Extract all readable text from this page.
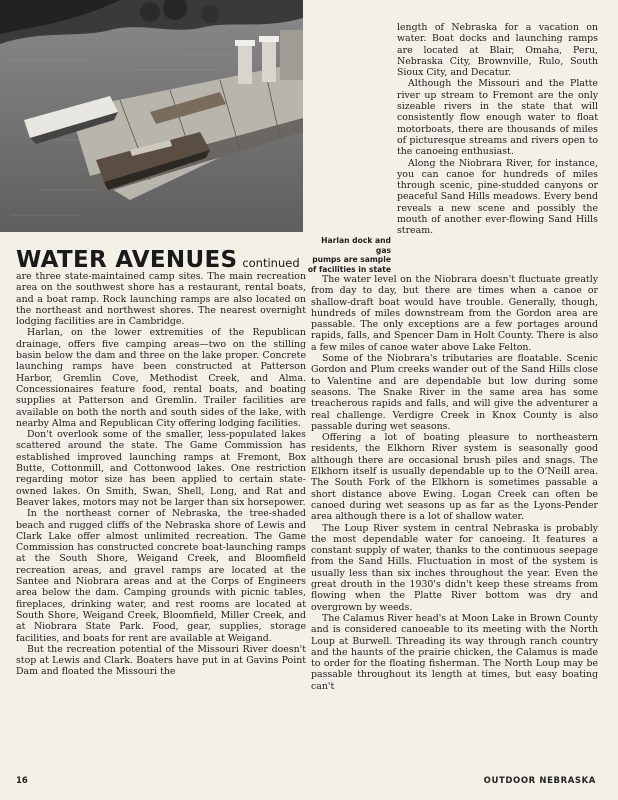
Harlan dock and gas
pumps are sample
of facilities in state
WATER AVENUES continued

are three state-maintained camp sites. The main recreation area on the southwest shore has a restaurant, rental boats, and a boat ramp. Rock launching ramps are also located on the northeast and northwest shores. The nearest overnight lodging facilities are in Cambridge.

Harlan, on the lower extremities of the Republican drainage, offers five camping areas—two on the stilling basin below the dam and three on the lake proper. Concrete launching ramps have been constructed at Patterson Harbor, Gremlin Cove, Methodist Creek, and Alma. Concessionaires feature food, rental boats, and boating supplies at Patterson and Gremlin. Trailer facilities are available on both the north and south sides of the lake, with nearby Alma and Republican City offering lodging facilities.

Don't overlook some of the smaller, less-populated lakes scattered around the state. The Game Commission has established improved launching ramps at Fremont, Box Butte, Cottonmill, and Cottonwood lakes. One restriction regarding motor size has been applied to certain state-owned lakes. On Smith, Swan, Shell, Long, and Rat and Beaver lakes, motors may not be larger than six horsepower.

In the northeast corner of Nebraska, the tree-shaded beach and rugged cliffs of the Nebraska shore of Lewis and Clark Lake offer almost unlimited recreation. The Game Commission has constructed concrete boat-launching ramps at the South Shore, Weigand Creek, and Bloomfield recreation areas, and gravel ramps are located at the Santee and Niobrara areas and at the Corps of Engineers area below the dam. Camping grounds with picnic tables, fireplaces, drinking water, and rest rooms are located at South Shore, Weigand Creek, Bloomfield, Miller Creek, and at Niobrara State Park. Food, gear, supplies, storage facilities, and boats for rent are available at Weigand.

But the recreation potential of the Missouri River doesn't stop at Lewis and Clark. Boaters have put in at Gavins Point Dam and floated the Missouri the

length of Nebraska for a vacation on water. Boat docks and launching ramps are located at Blair, Omaha, Peru, Nebraska City, Brownville, Rulo, South Sioux City, and Decatur.

Although the Missouri and the Platte river up stream to Fremont are the only sizeable rivers in the state that will consistently flow enough water to float motorboats, there are thousands of miles of picturesque streams and rivers open to the canoeing enthusiast.

Along the Niobrara River, for instance, you can canoe for hundreds of miles through scenic, pine-studded canyons or peaceful Sand Hills meadows. Every bend reveals a new scene and possibly the mouth of another ever-flowing Sand Hills stream.

The water level on the Niobrara doesn't fluctuate greatly from day to day, but there are times when a canoe or shallow-draft boat would have trouble. Generally, though, hundreds of miles downstream from the Gordon area are passable. The only exceptions are a few portages around rapids, falls, and Spencer Dam in Holt County. There is also a few miles of canoe water above Lake Felton.

Some of the Niobrara's tributaries are floatable. Scenic Gordon and Plum creeks wander out of the Sand Hills close to Valentine and are dependable but low during some seasons. The Snake River in the same area has some treacherous rapids and falls, and will give the adventurer a real challenge. Verdigre Creek in Knox County is also passable during wet seasons.

Offering a lot of boating pleasure to northeastern residents, the Elkhorn River system is seasonally good although there are occasional brush piles and snags. The Elkhorn itself is usually dependable up to the O'Neill area. The South Fork of the Elkhorn is sometimes passable a short distance above Ewing. Logan Creek can often be canoed during wet seasons up as far as the Lyons-Pender area although there is a lot of shallow water.

The Loup River system in central Nebraska is probably the most dependable water for canoeing. It features a constant supply of water, thanks to the continuous seepage from the Sand Hills. Fluctuation in most of the system is usually less than six inches throughout the year. Even the great drouth in the 1930's didn't keep these streams from flowing when the Platte River bottom was dry and overgrown by weeds.

The Calamus River head's at Moon Lake in Brown County and is considered canoeable to its meeting with the North Loup at Burwell. Threading its way through ranch country and the haunts of the prairie chicken, the Calamus is made to order for the floating fisherman. The North Loup may be passable throughout its length at times, but easy boating can't

16	OUTDOOR NEBRASKA
